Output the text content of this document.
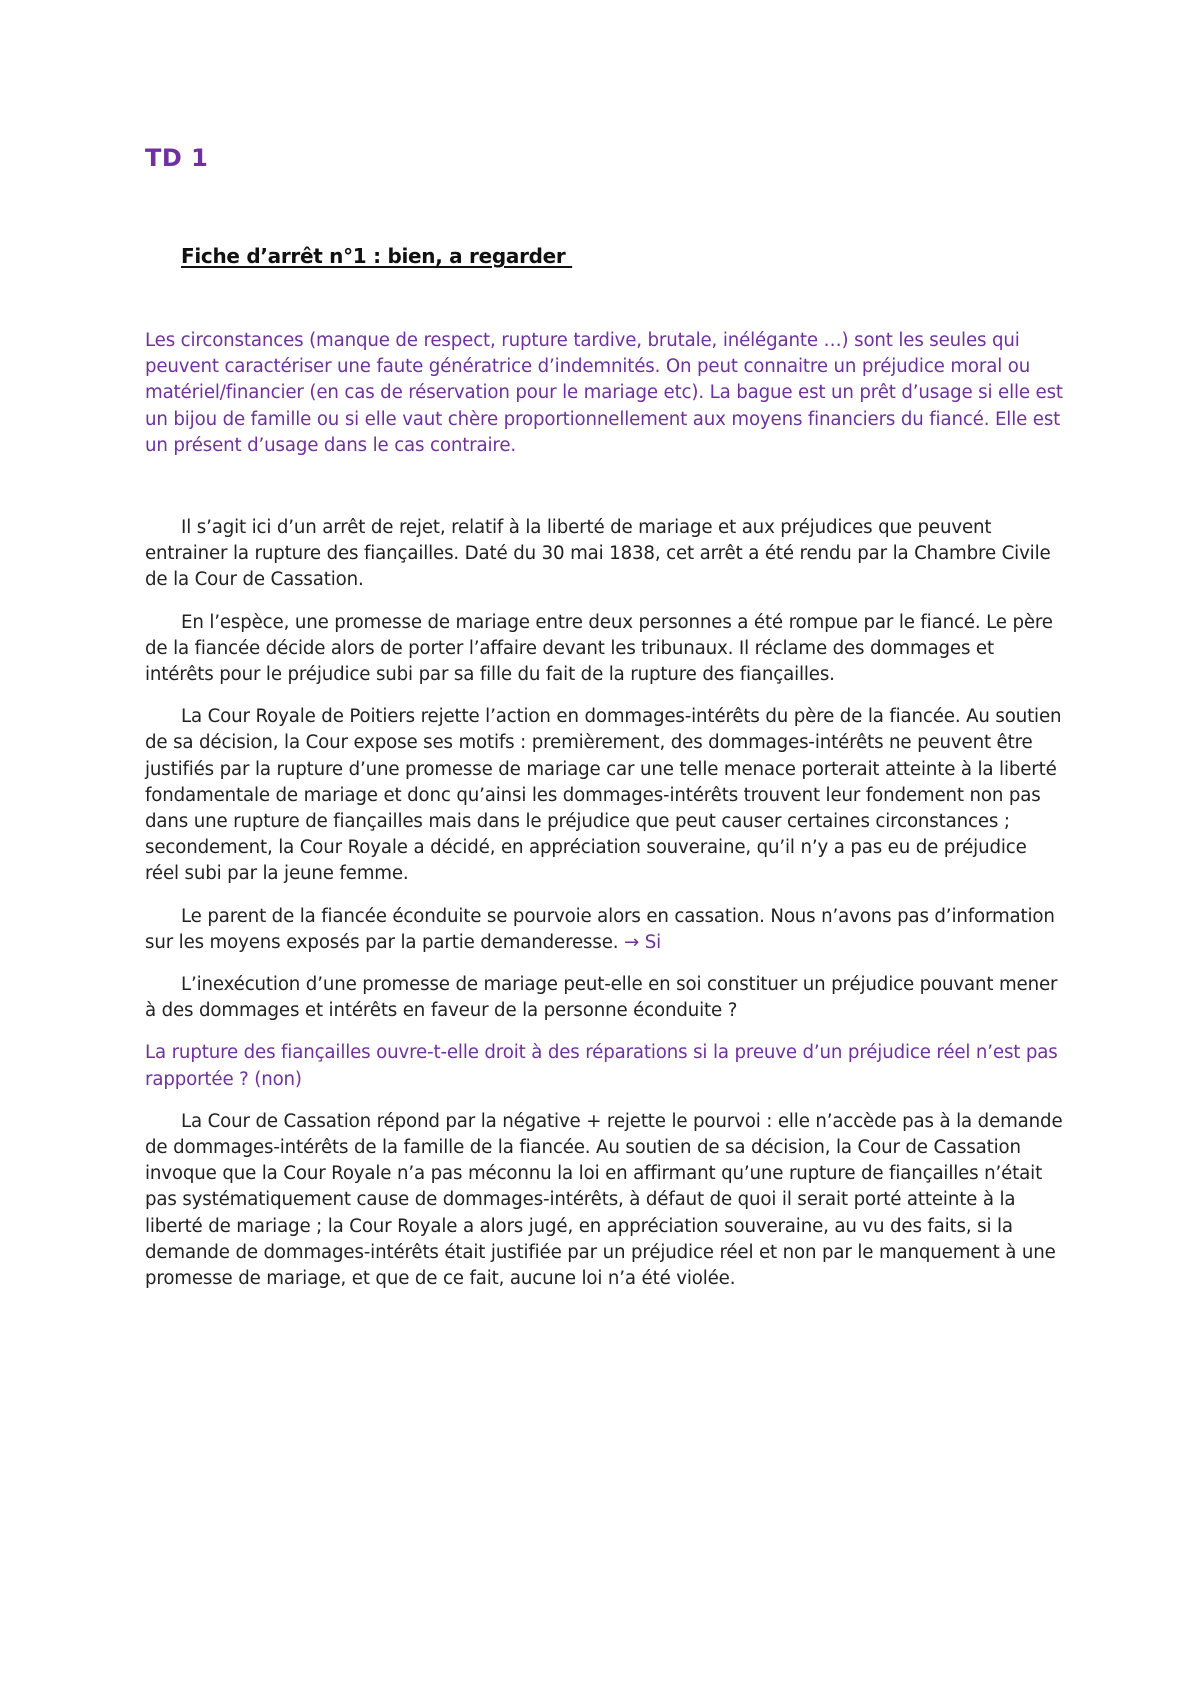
TD 1
Fiche d’arrêt n°1 : bien, a regarder

Les circonstances (manque de respect, rupture tardive, brutale, inélégante …) sont les seules qui peuvent caractériser une faute génératrice d’indemnités. On peut connaitre un préjudice moral ou matériel/financier (en cas de réservation pour le mariage etc). La bague est un prêt d’usage si elle est un bijou de famille ou si elle vaut chère proportionnellement aux moyens financiers du fiancé. Elle est un présent d’usage dans le cas contraire.

Il s’agit ici d’un arrêt de rejet, relatif à la liberté de mariage et aux préjudices que peuvent entrainer la rupture des fiançailles. Daté du 30 mai 1838, cet arrêt a été rendu par la Chambre Civile de la Cour de Cassation.

En l’espèce, une promesse de mariage entre deux personnes a été rompue par le fiancé. Le père de la fiancée décide alors de porter l’affaire devant les tribunaux. Il réclame des dommages et intérêts pour le préjudice subi par sa fille du fait de la rupture des fiançailles.

La Cour Royale de Poitiers rejette l’action en dommages-intérêts du père de la fiancée. Au soutien de sa décision, la Cour expose ses motifs : premièrement, des dommages-intérêts ne peuvent être justifiés par la rupture d’une promesse de mariage car une telle menace porterait atteinte à la liberté fondamentale de mariage et donc qu’ainsi les dommages-intérêts trouvent leur fondement non pas dans une rupture de fiançailles mais dans le préjudice que peut causer certaines circonstances ; secondement, la Cour Royale a décidé, en appréciation souveraine, qu’il n’y a pas eu de préjudice réel subi par la jeune femme.

Le parent de la fiancée éconduite se pourvoie alors en cassation. Nous n’avons pas d’information sur les moyens exposés par la partie demanderesse. → Si

L’inexécution d’une promesse de mariage peut-elle en soi constituer un préjudice pouvant mener à des dommages et intérêts en faveur de la personne éconduite ?

La rupture des fiançailles ouvre-t-elle droit à des réparations si la preuve d’un préjudice réel n’est pas rapportée ? (non)

La Cour de Cassation répond par la négative + rejette le pourvoi : elle n’accède pas à la demande de dommages-intérêts de la famille de la fiancée. Au soutien de sa décision, la Cour de Cassation invoque que la Cour Royale n’a pas méconnu la loi en affirmant qu’une rupture de fiançailles n’était pas systématiquement cause de dommages-intérêts, à défaut de quoi il serait porté atteinte à la liberté de mariage ; la Cour Royale a alors jugé, en appréciation souveraine, au vu des faits, si la demande de dommages-intérêts était justifiée par un préjudice réel et non par le manquement à une promesse de mariage, et que de ce fait, aucune loi n’a été violée.
